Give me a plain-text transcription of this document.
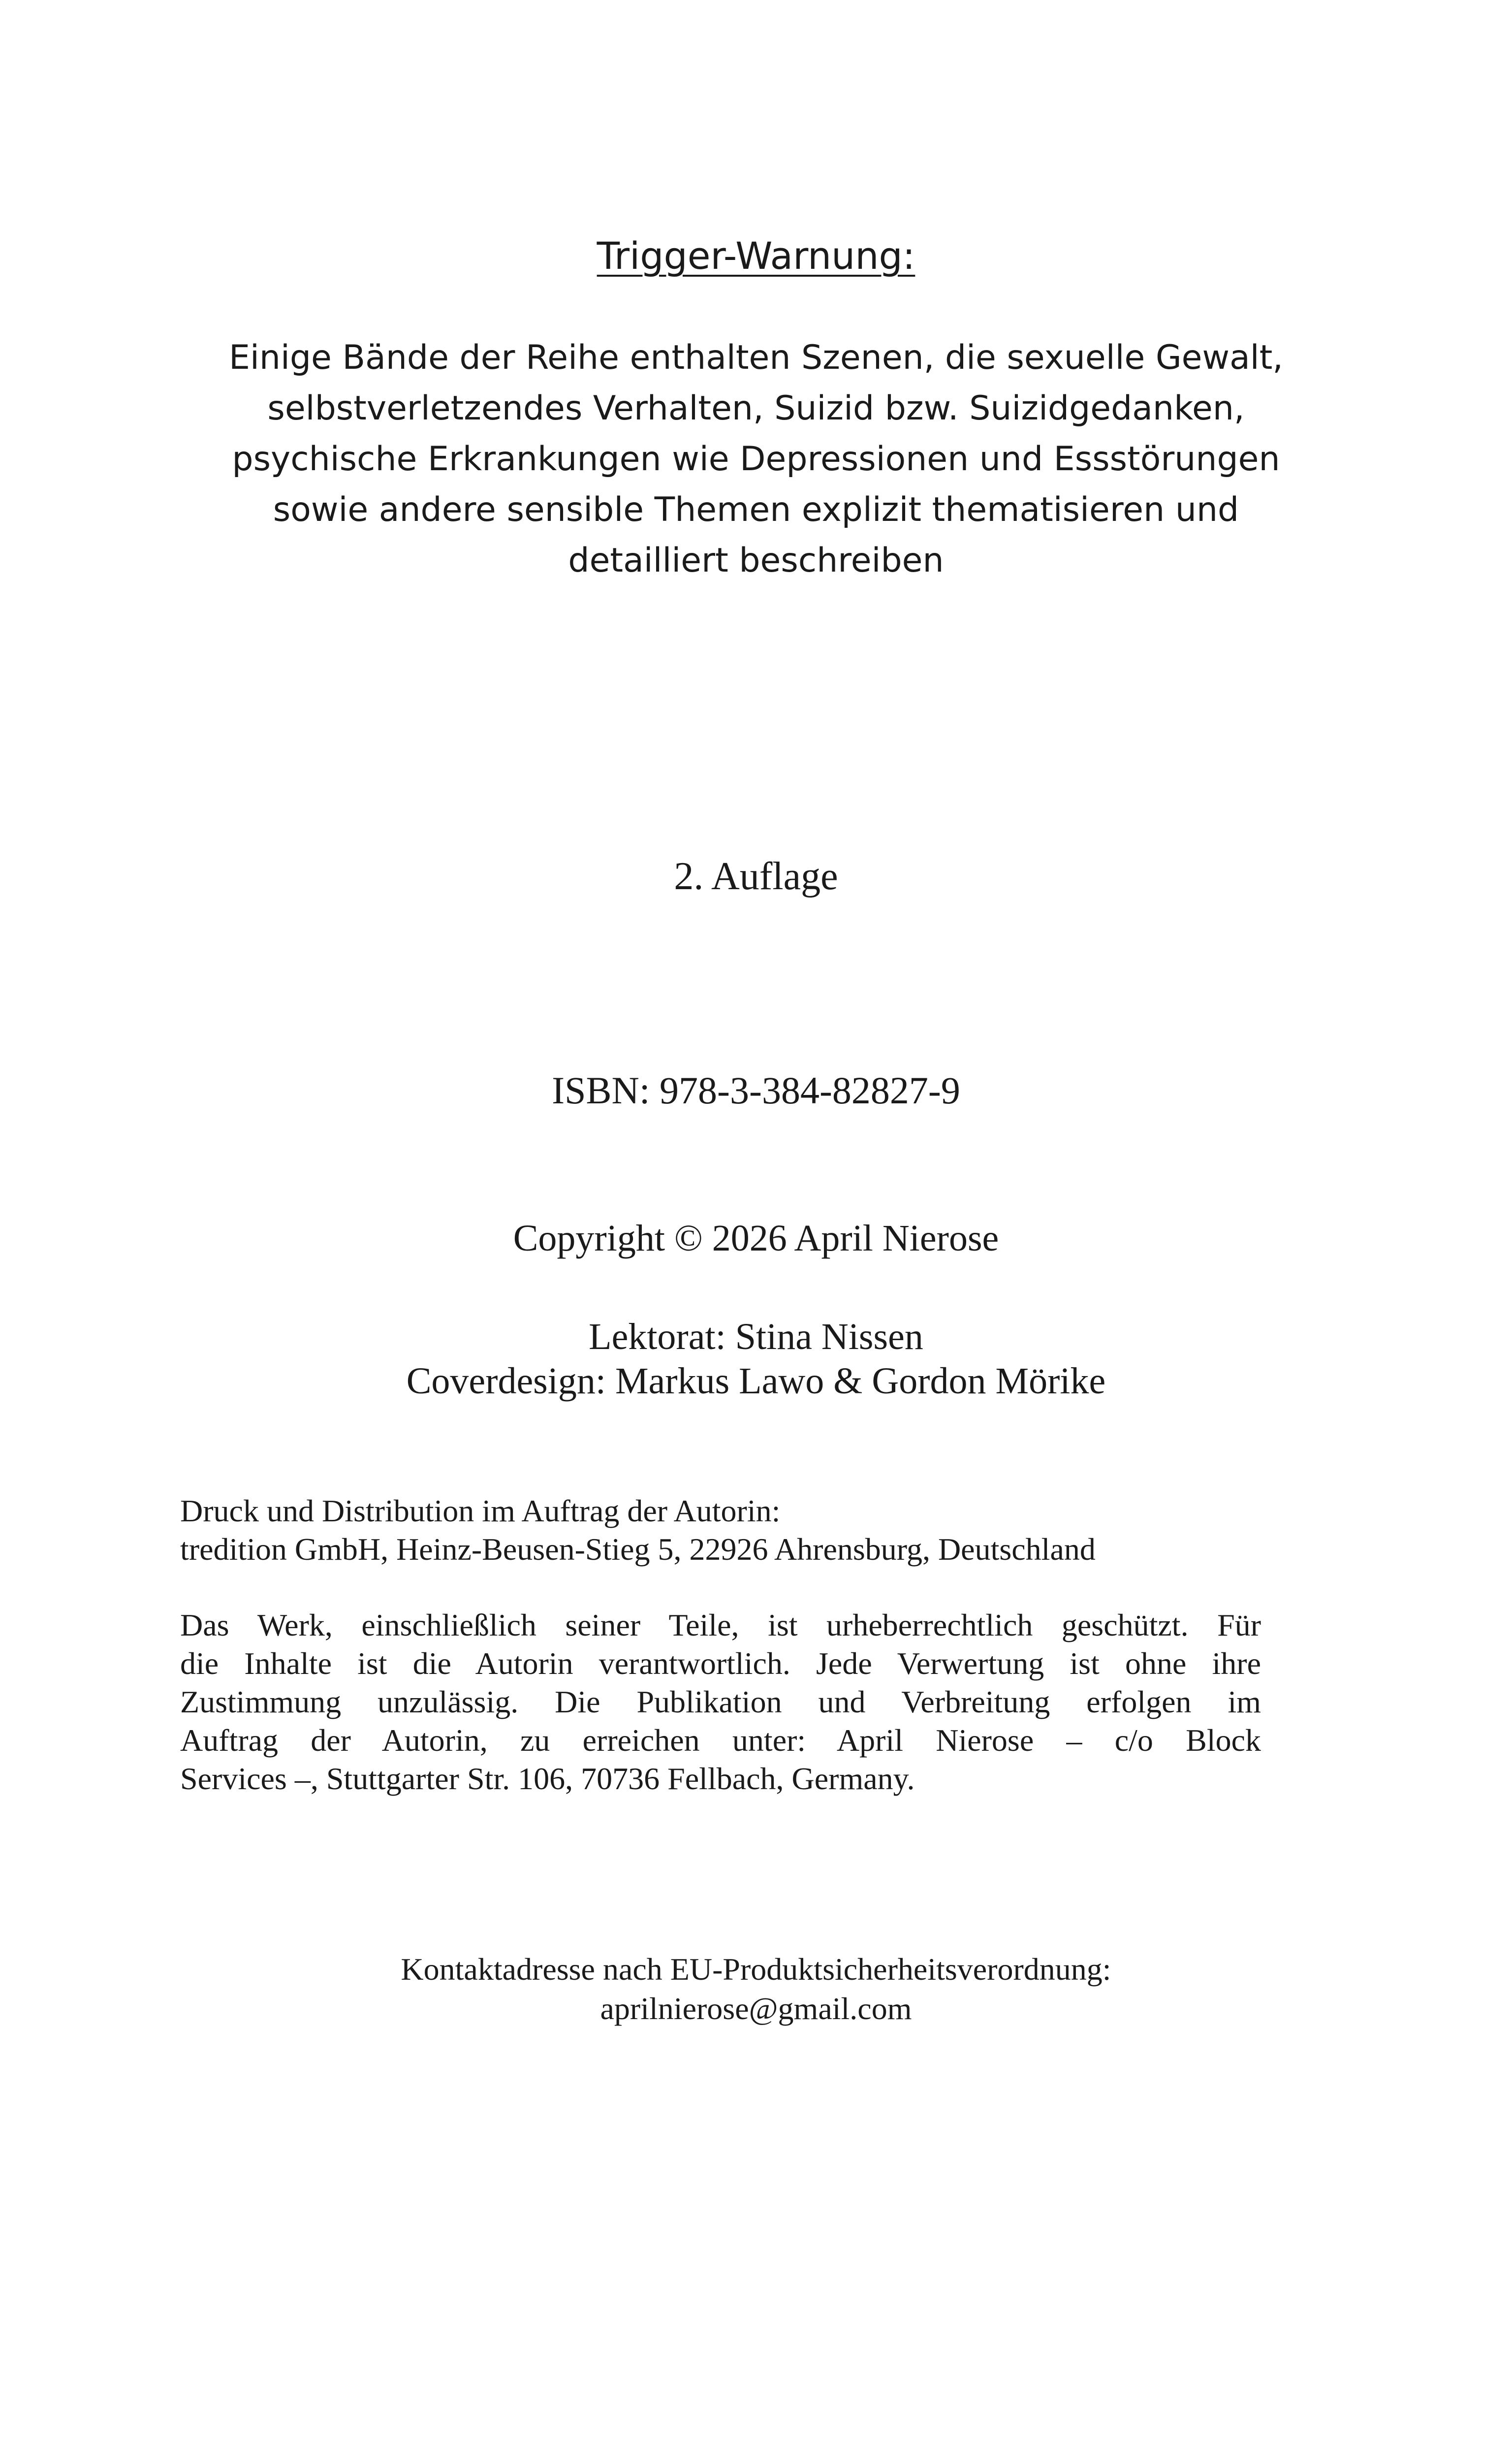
Trigger-Warnung:
Einige Bände der Reihe enthalten Szenen, die sexuelle Gewalt,
selbstverletzendes Verhalten, Suizid bzw. Suizidgedanken,
psychische Erkrankungen wie Depressionen und Essstörungen
sowie andere sensible Themen explizit thematisieren und
detailliert beschreiben
2. Auflage
ISBN: 978-3-384-82827-9
Copyright © 2026 April Nierose
Lektorat: Stina Nissen
Coverdesign: Markus Lawo & Gordon Mörike
Druck und Distribution im Auftrag der Autorin:
tredition GmbH, Heinz-Beusen-Stieg 5, 22926 Ahrensburg, Deutschland
Das Werk, einschließlich seiner Teile, ist urheberrechtlich geschützt. Für
die Inhalte ist die Autorin verantwortlich. Jede Verwertung ist ohne ihre
Zustimmung unzulässig. Die Publikation und Verbreitung erfolgen im
Auftrag der Autorin, zu erreichen unter: April Nierose – c/o Block
Services –, Stuttgarter Str. 106, 70736 Fellbach, Germany.
Kontaktadresse nach EU-Produktsicherheitsverordnung:
aprilnierose@gmail.com
